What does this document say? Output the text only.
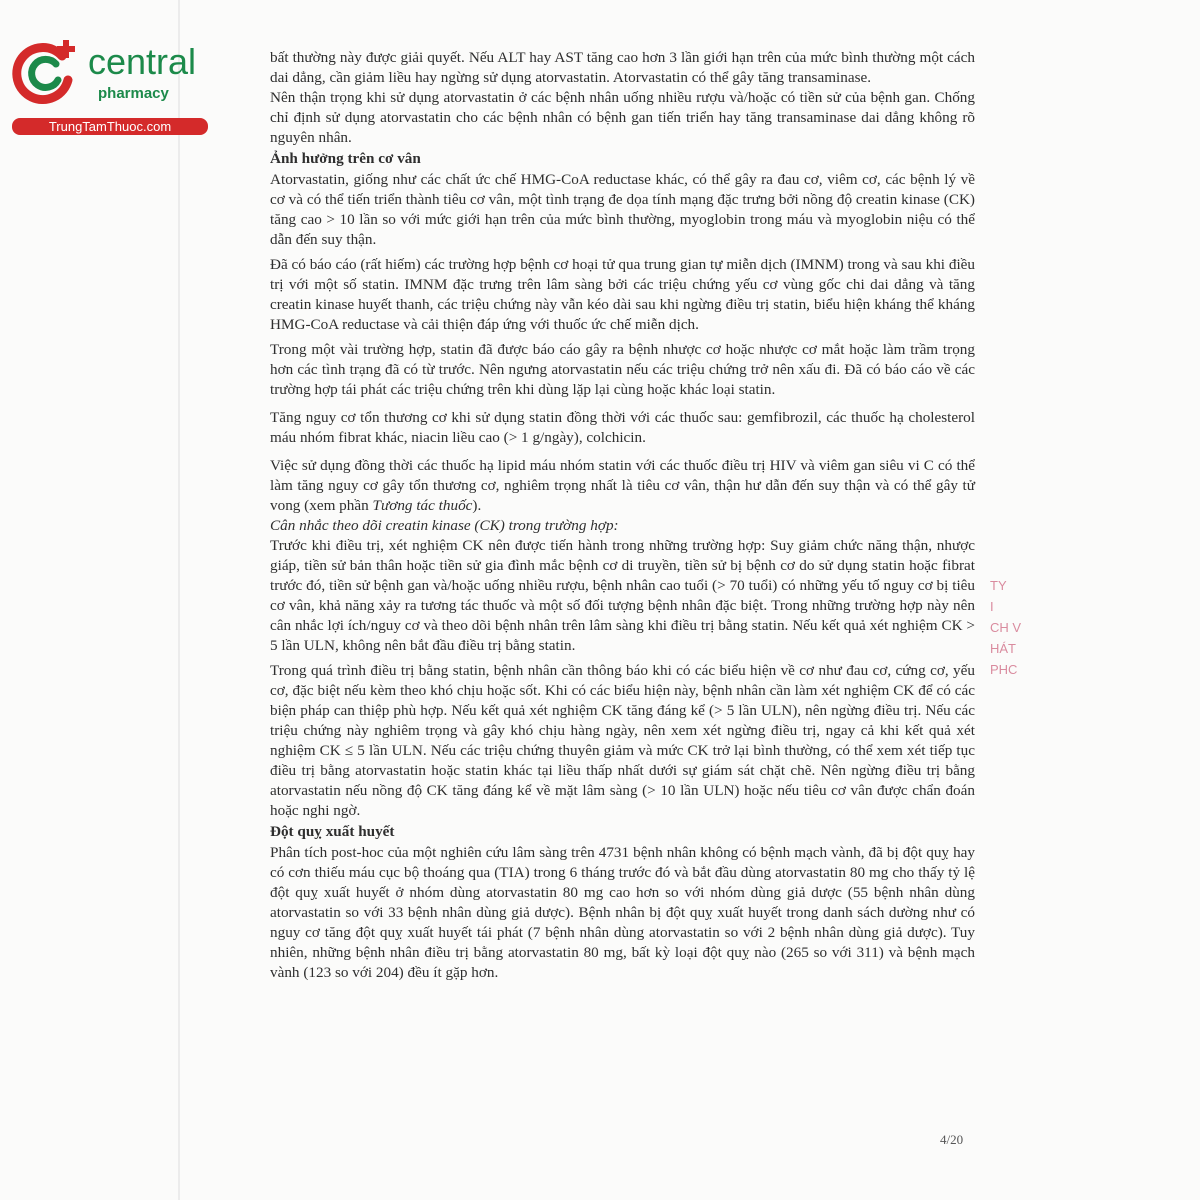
central
pharmacy
TrungTamThuoc.com

bất thường này được giải quyết. Nếu ALT hay AST tăng cao hơn 3 lần giới hạn trên của mức bình thường một cách dai dẳng, cần giảm liều hay ngừng sử dụng atorvastatin. Atorvastatin có thể gây tăng transaminase.

Nên thận trọng khi sử dụng atorvastatin ở các bệnh nhân uống nhiều rượu và/hoặc có tiền sử của bệnh gan. Chống chỉ định sử dụng atorvastatin cho các bệnh nhân có bệnh gan tiến triển hay tăng transaminase dai dẳng không rõ nguyên nhân.

Ảnh hưởng trên cơ vân

Atorvastatin, giống như các chất ức chế HMG-CoA reductase khác, có thể gây ra đau cơ, viêm cơ, các bệnh lý về cơ và có thể tiến triển thành tiêu cơ vân, một tình trạng đe dọa tính mạng đặc trưng bởi nồng độ creatin kinase (CK) tăng cao > 10 lần so với mức giới hạn trên của mức bình thường, myoglobin trong máu và myoglobin niệu có thể dẫn đến suy thận.

Đã có báo cáo (rất hiếm) các trường hợp bệnh cơ hoại tử qua trung gian tự miễn dịch (IMNM) trong và sau khi điều trị với một số statin. IMNM đặc trưng trên lâm sàng bởi các triệu chứng yếu cơ vùng gốc chi dai dẳng và tăng creatin kinase huyết thanh, các triệu chứng này vẫn kéo dài sau khi ngừng điều trị statin, biểu hiện kháng thể kháng HMG-CoA reductase và cải thiện đáp ứng với thuốc ức chế miễn dịch.

Trong một vài trường hợp, statin đã được báo cáo gây ra bệnh nhược cơ hoặc nhược cơ mắt hoặc làm trầm trọng hơn các tình trạng đã có từ trước. Nên ngưng atorvastatin nếu các triệu chứng trở nên xấu đi. Đã có báo cáo về các trường hợp tái phát các triệu chứng trên khi dùng lặp lại cùng hoặc khác loại statin.

Tăng nguy cơ tổn thương cơ khi sử dụng statin đồng thời với các thuốc sau: gemfibrozil, các thuốc hạ cholesterol máu nhóm fibrat khác, niacin liều cao (> 1 g/ngày), colchicin.

Việc sử dụng đồng thời các thuốc hạ lipid máu nhóm statin với các thuốc điều trị HIV và viêm gan siêu vi C có thể làm tăng nguy cơ gây tổn thương cơ, nghiêm trọng nhất là tiêu cơ vân, thận hư dẫn đến suy thận và có thể gây tử vong (xem phần Tương tác thuốc).

Cân nhắc theo dõi creatin kinase (CK) trong trường hợp:

Trước khi điều trị, xét nghiệm CK nên được tiến hành trong những trường hợp: Suy giảm chức năng thận, nhược giáp, tiền sử bản thân hoặc tiền sử gia đình mắc bệnh cơ di truyền, tiền sử bị bệnh cơ do sử dụng statin hoặc fibrat trước đó, tiền sử bệnh gan và/hoặc uống nhiều rượu, bệnh nhân cao tuổi (> 70 tuổi) có những yếu tố nguy cơ bị tiêu cơ vân, khả năng xảy ra tương tác thuốc và một số đối tượng bệnh nhân đặc biệt. Trong những trường hợp này nên cân nhắc lợi ích/nguy cơ và theo dõi bệnh nhân trên lâm sàng khi điều trị bằng statin. Nếu kết quả xét nghiệm CK > 5 lần ULN, không nên bắt đầu điều trị bằng statin.

Trong quá trình điều trị bằng statin, bệnh nhân cần thông báo khi có các biểu hiện về cơ như đau cơ, cứng cơ, yếu cơ, đặc biệt nếu kèm theo khó chịu hoặc sốt. Khi có các biểu hiện này, bệnh nhân cần làm xét nghiệm CK để có các biện pháp can thiệp phù hợp. Nếu kết quả xét nghiệm CK tăng đáng kể (> 5 lần ULN), nên ngừng điều trị. Nếu các triệu chứng này nghiêm trọng và gây khó chịu hàng ngày, nên xem xét ngừng điều trị, ngay cả khi kết quả xét nghiệm CK ≤ 5 lần ULN. Nếu các triệu chứng thuyên giảm và mức CK trở lại bình thường, có thể xem xét tiếp tục điều trị bằng atorvastatin hoặc statin khác tại liều thấp nhất dưới sự giám sát chặt chẽ. Nên ngừng điều trị bằng atorvastatin nếu nồng độ CK tăng đáng kể về mặt lâm sàng (> 10 lần ULN) hoặc nếu tiêu cơ vân được chẩn đoán hoặc nghi ngờ.

Đột quỵ xuất huyết

Phân tích post-hoc của một nghiên cứu lâm sàng trên 4731 bệnh nhân không có bệnh mạch vành, đã bị đột quỵ hay có cơn thiếu máu cục bộ thoáng qua (TIA) trong 6 tháng trước đó và bắt đầu dùng atorvastatin 80 mg cho thấy tỷ lệ đột quỵ xuất huyết ở nhóm dùng atorvastatin 80 mg cao hơn so với nhóm dùng giả dược (55 bệnh nhân dùng atorvastatin so với 33 bệnh nhân dùng giả dược). Bệnh nhân bị đột quỵ xuất huyết trong danh sách dường như có nguy cơ tăng đột quỵ xuất huyết tái phát (7 bệnh nhân dùng atorvastatin so với 2 bệnh nhân dùng giả dược). Tuy nhiên, những bệnh nhân điều trị bằng atorvastatin 80 mg, bất kỳ loại đột quỵ nào (265 so với 311) và bệnh mạch vành (123 so với 204) đều ít gặp hơn.

TY
I
CH V
HÁT
PHC
4/20
